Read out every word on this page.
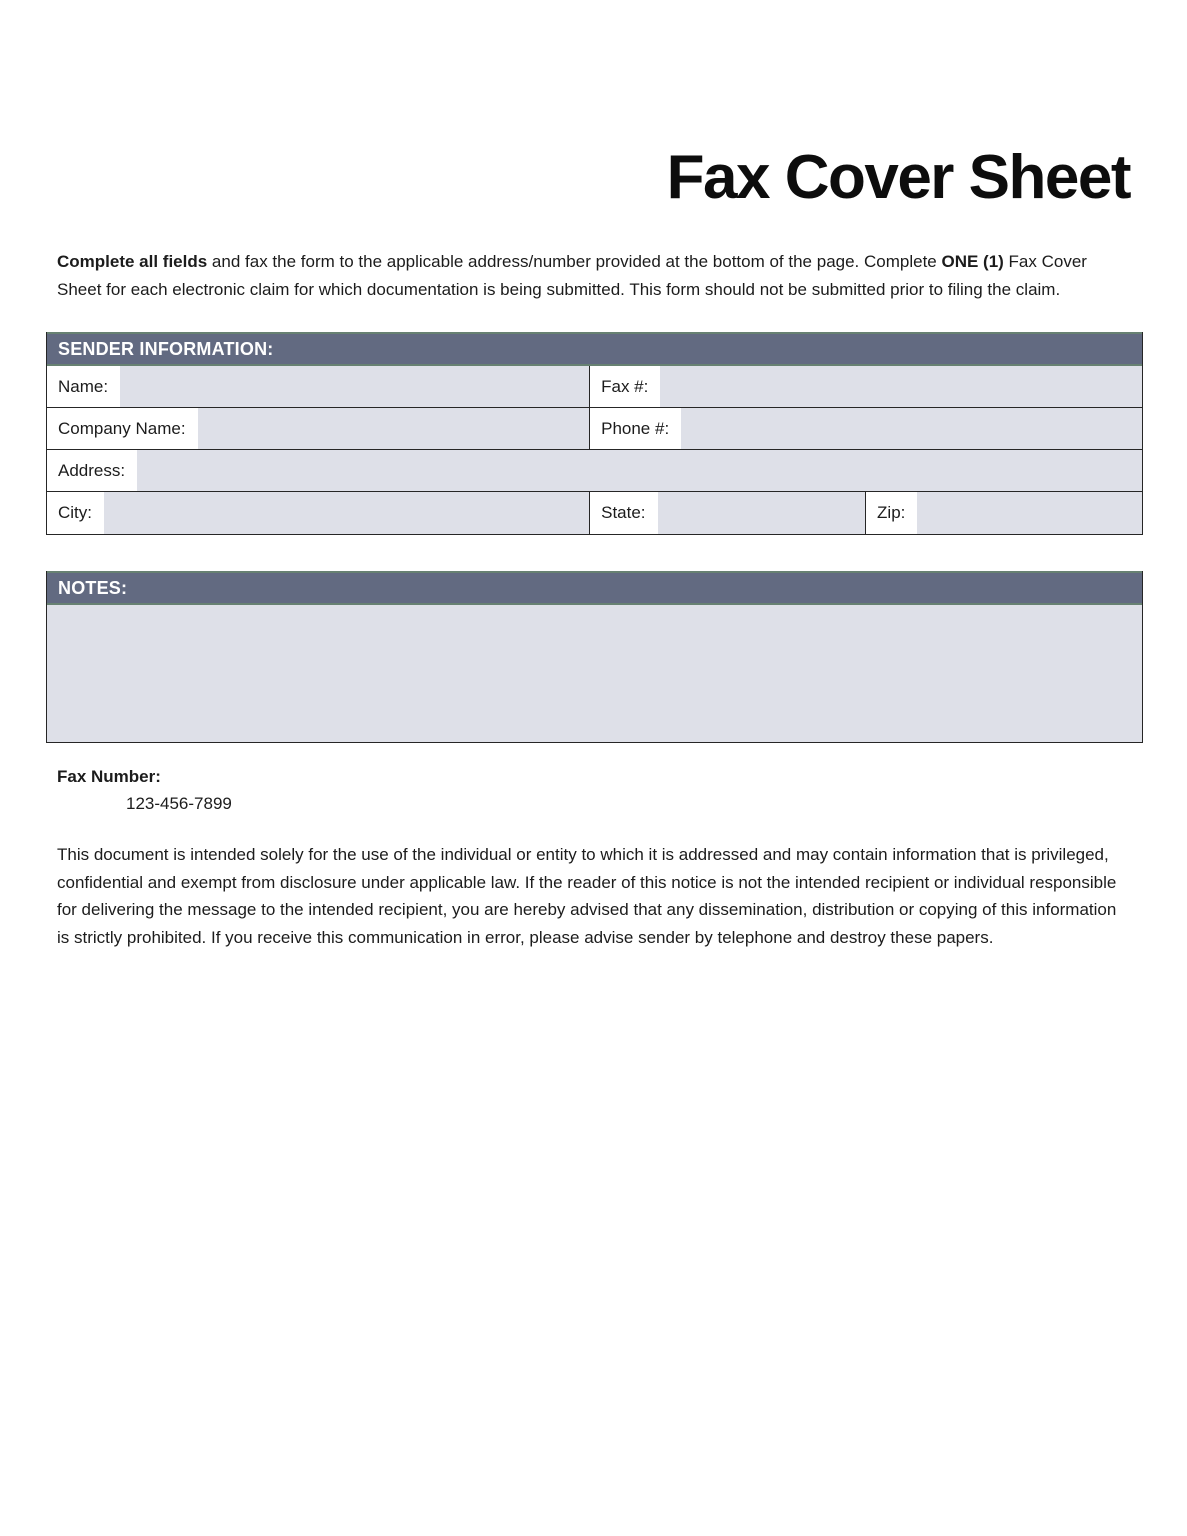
Fax Cover Sheet

Complete all fields and fax the form to the applicable address/number provided at the bottom of the page. Complete ONE (1) Fax Cover Sheet for each electronic claim for which documentation is being submitted. This form should not be submitted prior to filing the claim.

SENDER INFORMATION:
Name:	Fax #:
Company Name:	Phone #:
Address:
City:	State:	Zip:
NOTES:
Fax Number:
123-456-7899

This document is intended solely for the use of the individual or entity to which it is addressed and may contain information that is privileged, confidential and exempt from disclosure under applicable law. If the reader of this notice is not the intended recipient or individual responsible for delivering the message to the intended recipient, you are hereby advised that any dissemination, distribution or copying of this information is strictly prohibited. If you receive this communication in error, please advise sender by telephone and destroy these papers.
